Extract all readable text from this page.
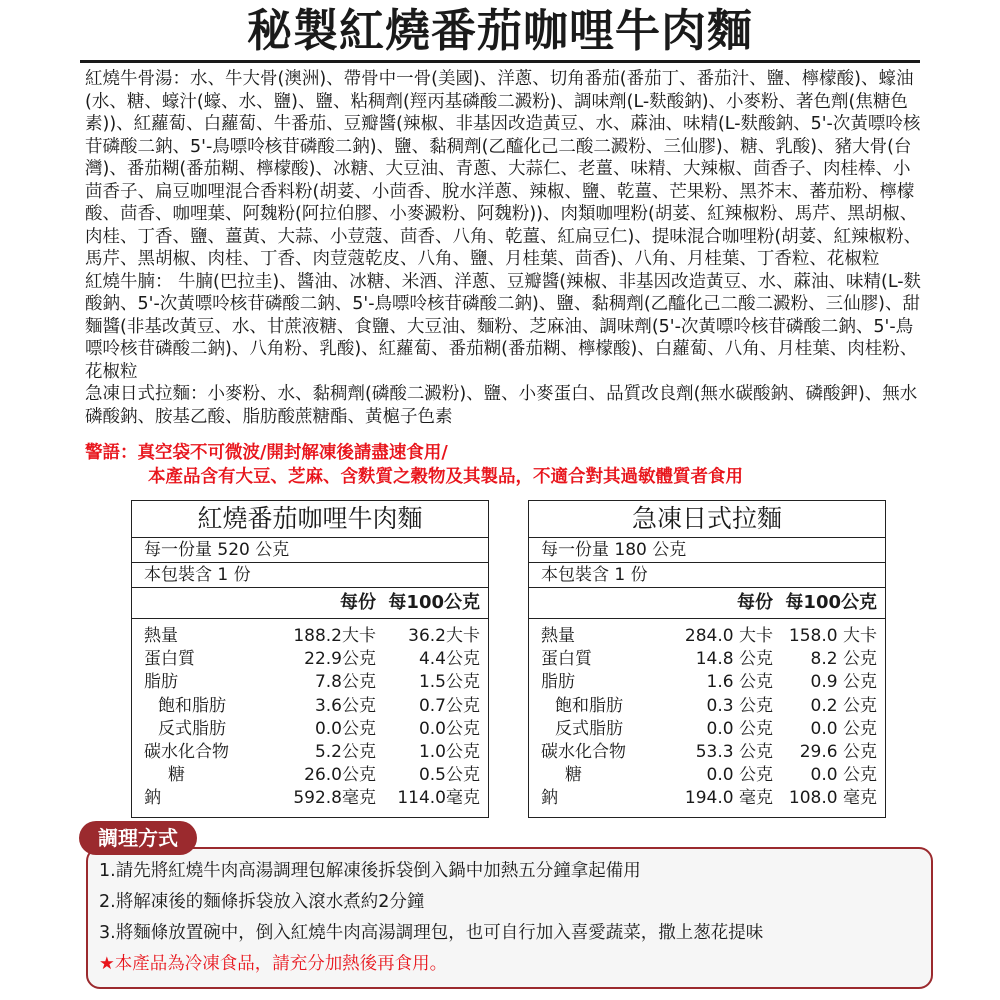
秘製紅燒番茄咖哩牛肉麵
紅燒牛骨湯：水、牛大骨(澳洲)、帶骨中一骨(美國)、洋蔥、切角番茄(番茄丁、番茄汁、鹽、檸檬酸)、蠔油(水、糖、蠔汁(蠔、水、鹽)、鹽、粘稠劑(羥丙基磷酸二澱粉)、調味劑(L-麩酸鈉)、小麥粉、著色劑(焦糖色素))、紅蘿蔔、白蘿蔔、牛番茄、豆瓣醬(辣椒、非基因改造黃豆、水、蔴油、味精(L-麩酸鈉、5'-次黃嘌呤核苷磷酸二鈉、5'-鳥嘌呤核苷磷酸二鈉)、鹽、黏稠劑(乙醯化己二酸二澱粉、三仙膠)、糖、乳酸)、豬大骨(台灣)、番茄糊(番茄糊、檸檬酸)、冰糖、大豆油、青蔥、大蒜仁、老薑、味精、大辣椒、茴香子、肉桂棒、小茴香子、扁豆咖哩混合香料粉(胡荽、小茴香、脫水洋蔥、辣椒、鹽、乾薑、芒果粉、黑芥末、蕃茄粉、檸檬酸、茴香、咖哩葉、阿魏粉(阿拉伯膠、小麥澱粉、阿魏粉))、肉類咖哩粉(胡荽、紅辣椒粉、馬芹、黑胡椒、肉桂、丁香、鹽、薑黃、大蒜、小荳蔻、茴香、八角、乾薑、紅扁豆仁)、提味混合咖哩粉(胡荽、紅辣椒粉、馬芹、黑胡椒、肉桂、丁香、肉荳蔻乾皮、八角、鹽、月桂葉、茴香)、八角、月桂葉、丁香粒、花椒粒
紅燒牛腩： 牛腩(巴拉圭)、醬油、冰糖、米酒、洋蔥、豆瓣醬(辣椒、非基因改造黃豆、水、蔴油、味精(L-麩酸鈉、5'-次黃嘌呤核苷磷酸二鈉、5'-鳥嘌呤核苷磷酸二鈉)、鹽、黏稠劑(乙醯化己二酸二澱粉、三仙膠)、甜麵醬(非基改黃豆、水、甘蔗液糖、食鹽、大豆油、麵粉、芝麻油、調味劑(5'-次黃嘌呤核苷磷酸二鈉、5'-鳥嘌呤核苷磷酸二鈉)、八角粉、乳酸)、紅蘿蔔、番茄糊(番茄糊、檸檬酸)、白蘿蔔、八角、月桂葉、肉桂粉、花椒粒
急凍日式拉麵：小麥粉、水、黏稠劑(磷酸二澱粉)、鹽、小麥蛋白、品質改良劑(無水碳酸鈉、磷酸鉀)、無水磷酸鈉、胺基乙酸、脂肪酸蔗糖酯、黃槴子色素
警語：真空袋不可微波/開封解凍後請盡速食用/
本產品含有大豆、芝麻、含麩質之穀物及其製品，不適合對其過敏體質者食用
紅燒番茄咖哩牛肉麵
每一份量 520 公克
本包裝含 1 份
每份 每100公克
熱量	188.2大卡 36.2大卡
蛋白質	22.9公克	4.4公克
脂肪	7.8公克	1.5公克
飽和脂肪	3.6公克	0.7公克
反式脂肪	0.0公克	0.0公克
碳水化合物	5.2公克	1.0公克
糖	26.0公克	0.5公克
鈉	592.8毫克 114.0毫克
急凍日式拉麵
每一份量 180 公克
本包裝含 1 份
每份 每100公克
熱量	284.0 大卡 158.0 大卡
蛋白質	14.8 公克 8.2 公克
脂肪	1.6 公克 0.9 公克
飽和脂肪	0.3 公克 0.2 公克
反式脂肪	0.0 公克 0.0 公克
碳水化合物	53.3 公克 29.6 公克
糖	0.0 公克 0.0 公克
鈉	194.0 毫克 108.0 毫克
1.請先將紅燒牛肉高湯調理包解凍後拆袋倒入鍋中加熱五分鐘拿起備用
2.將解凍後的麵條拆袋放入滾水煮約2分鐘
3.將麵條放置碗中，倒入紅燒牛肉高湯調理包，也可自行加入喜愛蔬菜，撒上葱花提味
★本產品為冷凍食品，請充分加熱後再食用。
調理方式
